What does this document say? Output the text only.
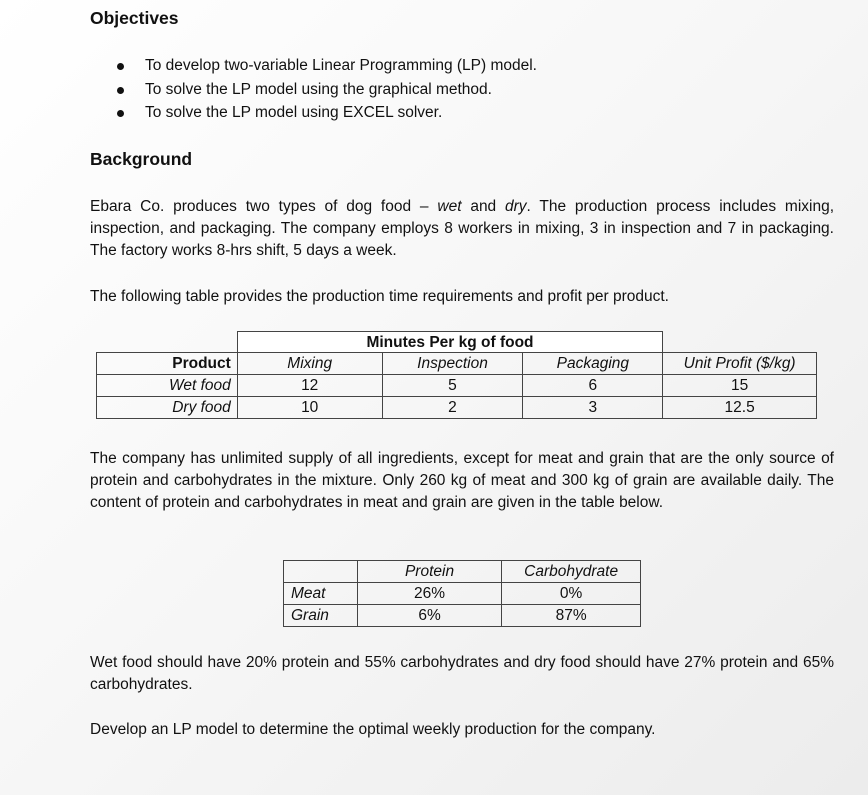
Objectives
To develop two-variable Linear Programming (LP) model.
To solve the LP model using the graphical method.
To solve the LP model using EXCEL solver.
Background

Ebara Co. produces two types of dog food – wet and dry. The production process includes mixing, inspection, and packaging. The company employs 8 workers in mixing, 3 in inspection and 7 in packaging. The factory works 8-hrs shift, 5 days a week.

The following table provides the production time requirements and profit per product.

Minutes Per kg of food
Product	Mixing	Inspection	Packaging	Unit Profit ($/kg)
Wet food	12	5	6	15
Dry food	10	2	3	12.5

The company has unlimited supply of all ingredients, except for meat and grain that are the only source of protein and carbohydrates in the mixture. Only 260 kg of meat and 300 kg of grain are available daily. The content of protein and carbohydrates in meat and grain are given in the table below.

	Protein	Carbohydrate
Meat	26%	0%
Grain	6%	87%

Wet food should have 20% protein and 55% carbohydrates and dry food should have 27% protein and 65% carbohydrates.

Develop an LP model to determine the optimal weekly production for the company.
